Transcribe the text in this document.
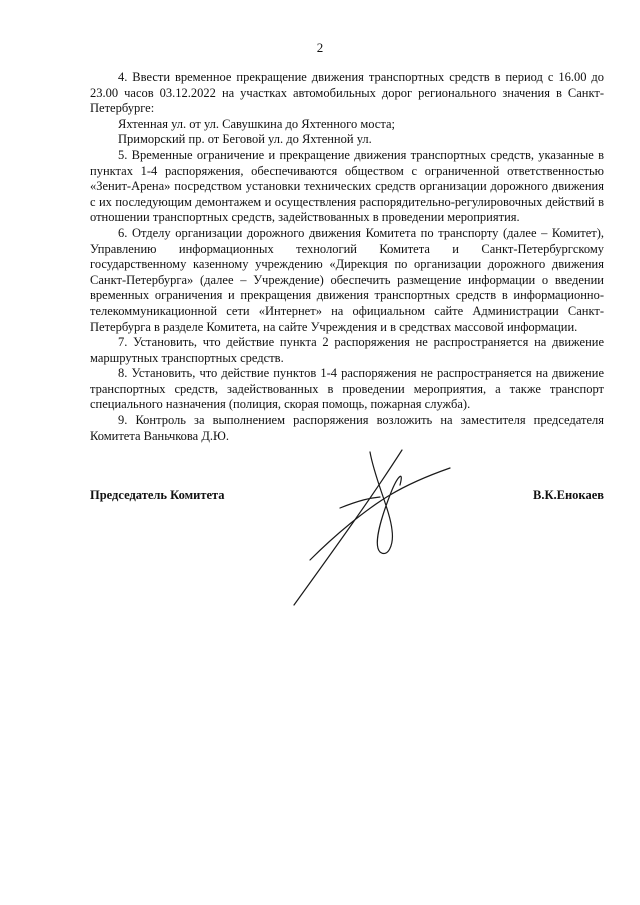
2

4. Ввести временное прекращение движения транспортных средств в период с 16.00 до 23.00 часов 03.12.2022 на участках автомобильных дорог регионального значения в Санкт-Петербурге:

Яхтенная ул. от ул. Савушкина до Яхтенного моста;

Приморский пр. от Беговой ул. до Яхтенной ул.

5. Временные ограничение и прекращение движения транспортных средств, указанные в пунктах 1-4 распоряжения, обеспечиваются обществом с ограниченной ответственностью «Зенит-Арена» посредством установки технических средств организации дорожного движения с их последующим демонтажем и осуществления распорядительно-регулировочных действий в отношении транспортных средств, задействованных в проведении мероприятия.

6. Отделу организации дорожного движения Комитета по транспорту (далее – Комитет), Управлению информационных технологий Комитета и Санкт-Петербургскому государственному казенному учреждению «Дирекция по организации дорожного движения Санкт-Петербурга» (далее – Учреждение) обеспечить размещение информации о введении временных ограничения и прекращения движения транспортных средств в информационно-телекоммуникационной сети «Интернет» на официальном сайте Администрации Санкт-Петербурга в разделе Комитета, на сайте Учреждения и в средствах массовой информации.

7. Установить, что действие пункта 2 распоряжения не распространяется на движение маршрутных транспортных средств.

8. Установить, что действие пунктов 1-4 распоряжения не распространяется на движение транспортных средств, задействованных в проведении мероприятия, а также транспорт специального назначения (полиция, скорая помощь, пожарная служба).

9. Контроль за выполнением распоряжения возложить на заместителя председателя Комитета Ваньчкова Д.Ю.

Председатель Комитета	В.К.Енокаев
